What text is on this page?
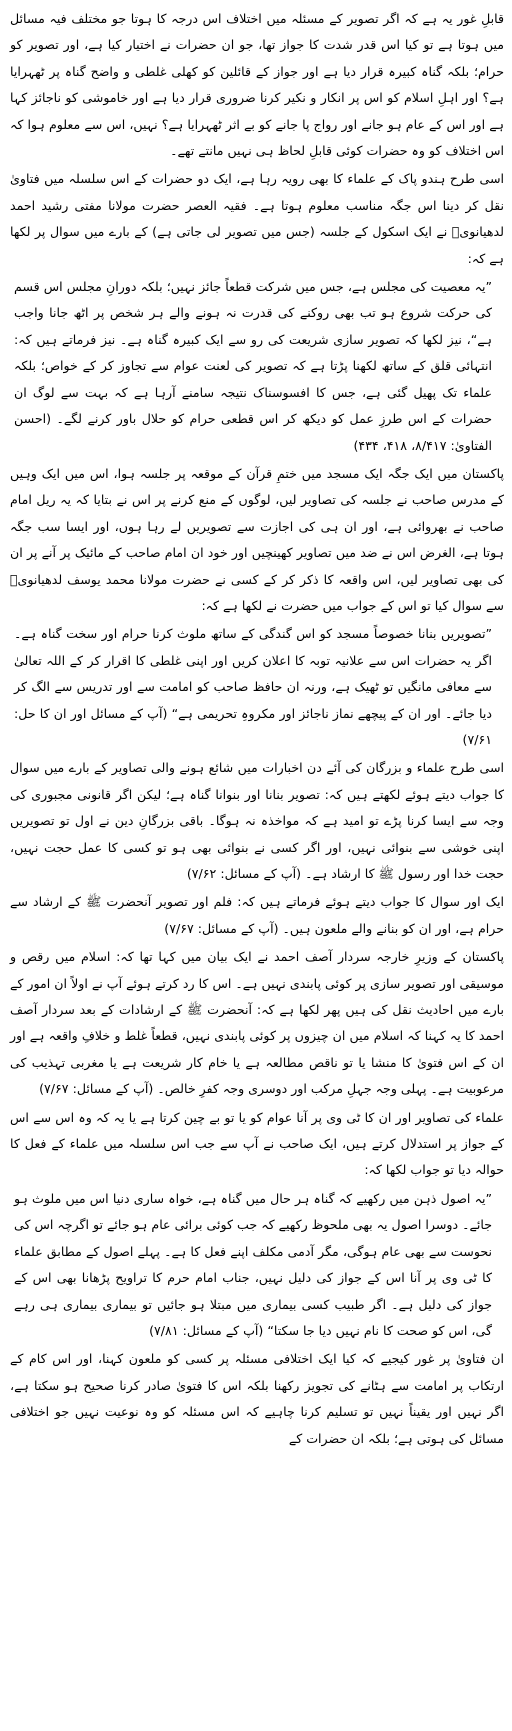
قابلِ غور یہ ہے کہ اگر تصویر کے مسئلہ میں اختلاف اس درجہ کا ہوتا جو مختلف فیہ مسائل میں ہوتا ہے تو کیا اس قدر شدت کا جواز تھا، جو ان حضرات نے اختیار کیا ہے، اور تصویر کو حرام؛ بلکہ گناہ کبیرہ قرار دیا ہے اور جواز کے قائلین کو کھلی غلطی و واضح گناہ پر ٹھہرایا ہے؟ اور اہلِ اسلام کو اس پر انکار و نکیر کرنا ضروری قرار دیا ہے اور خاموشی کو ناجائز کہا ہے اور اس کے عام ہو جانے اور رواج پا جانے کو بے اثر ٹھہرایا ہے؟ نہیں، اس سے معلوم ہوا کہ اس اختلاف کو وہ حضرات کوئی قابلِ لحاظ ہی نہیں مانتے تھے۔

اسی طرح ہندو پاک کے علماء کا بھی رویہ رہا ہے، ایک دو حضرات کے اس سلسلہ میں فتاویٰ نقل کر دینا اس جگہ مناسب معلوم ہوتا ہے۔ فقیہ العصر حضرت مولانا مفتی رشید احمد لدھیانویؒ نے ایک اسکول کے جلسہ (جس میں تصویر لی جاتی ہے) کے بارے میں سوال پر لکھا ہے کہ:

”یہ معصیت کی مجلس ہے، جس میں شرکت قطعاً جائز نہیں؛ بلکہ دورانِ مجلس اس قسم کی حرکت شروع ہو تب بھی روکنے کی قدرت نہ ہونے والے ہر شخص پر اٹھ جانا واجب ہے“، نیز لکھا کہ تصویر سازی شریعت کی رو سے ایک کبیرہ گناہ ہے۔ نیز فرماتے ہیں کہ: انتہائی قلق کے ساتھ لکھنا پڑتا ہے کہ تصویر کی لعنت عوام سے تجاوز کر کے خواص؛ بلکہ علماء تک پھیل گئی ہے، جس کا افسوسناک نتیجہ سامنے آرہا ہے کہ بہت سے لوگ ان حضرات کے اس طرزِ عمل کو دیکھ کر اس قطعی حرام کو حلال باور کرنے لگے۔ (احسن الفتاویٰ: ۸/۴۱۷، ۴۱۸، ۴۳۴)

پاکستان میں ایک جگہ ایک مسجد میں ختمِ قرآن کے موقعہ پر جلسہ ہوا، اس میں ایک وہیں کے مدرس صاحب نے جلسہ کی تصاویر لیں، لوگوں کے منع کرنے پر اس نے بتایا کہ یہ ریل امام صاحب نے بھروائی ہے، اور ان ہی کی اجازت سے تصویریں لے رہا ہوں، اور ایسا سب جگہ ہوتا ہے، الغرض اس نے ضد میں تصاویر کھینچیں اور خود ان امام صاحب کے مائیک پر آنے پر ان کی بھی تصاویر لیں، اس واقعہ کا ذکر کر کے کسی نے حضرت مولانا محمد یوسف لدھیانویؒ سے سوال کیا تو اس کے جواب میں حضرت نے لکھا ہے کہ:

”تصویریں بنانا خصوصاً مسجد کو اس گندگی کے ساتھ ملوث کرنا حرام اور سخت گناہ ہے۔ اگر یہ حضرات اس سے علانیہ توبہ کا اعلان کریں اور اپنی غلطی کا اقرار کر کے اللہ تعالیٰ سے معافی مانگیں تو ٹھیک ہے، ورنہ ان حافظ صاحب کو امامت سے اور تدریس سے الگ کر دیا جائے۔ اور ان کے پیچھے نماز ناجائز اور مکروہِ تحریمی ہے“ (آپ کے مسائل اور ان کا حل: ۷/۶۱)

اسی طرح علماء و بزرگان کی آئے دن اخبارات میں شائع ہونے والی تصاویر کے بارے میں سوال کا جواب دیتے ہوئے لکھتے ہیں کہ: تصویر بنانا اور بنوانا گناہ ہے؛ لیکن اگر قانونی مجبوری کی وجہ سے ایسا کرنا پڑے تو امید ہے کہ مواخذہ نہ ہوگا۔ باقی بزرگانِ دین نے اول تو تصویریں اپنی خوشی سے بنوائی نہیں، اور اگر کسی نے بنوائی بھی ہو تو کسی کا عمل حجت نہیں، حجت خدا اور رسول ﷺ کا ارشاد ہے۔ (آپ کے مسائل: ۷/۶۲)

ایک اور سوال کا جواب دیتے ہوئے فرماتے ہیں کہ: فلم اور تصویر آنحضرت ﷺ کے ارشاد سے حرام ہے، اور ان کو بنانے والے ملعون ہیں۔ (آپ کے مسائل: ۷/۶۷)

پاکستان کے وزیرِ خارجہ سردار آصف احمد نے ایک بیان میں کہا تھا کہ: اسلام میں رقص و موسیقی اور تصویر سازی پر کوئی پابندی نہیں ہے۔ اس کا رد کرتے ہوئے آپ نے اولاً ان امور کے بارے میں احادیث نقل کی ہیں پھر لکھا ہے کہ: آنحضرت ﷺ کے ارشادات کے بعد سردار آصف احمد کا یہ کہنا کہ اسلام میں ان چیزوں پر کوئی پابندی نہیں، قطعاً غلط و خلافِ واقعہ ہے اور ان کے اس فتویٰ کا منشا یا تو ناقص مطالعہ ہے یا خام کار شریعت ہے یا مغربی تہذیب کی مرعوبیت ہے۔ پہلی وجہ جہلِ مرکب اور دوسری وجہ کفرِ خالص۔ (آپ کے مسائل: ۷/۶۷)

علماء کی تصاویر اور ان کا ٹی وی پر آنا عوام کو یا تو بے چین کرتا ہے یا یہ کہ وہ اس سے اس کے جواز پر استدلال کرتے ہیں، ایک صاحب نے آپ سے جب اس سلسلہ میں علماء کے فعل کا حوالہ دیا تو جواب لکھا کہ:

”یہ اصول ذہن میں رکھیے کہ گناہ ہر حال میں گناہ ہے، خواہ ساری دنیا اس میں ملوث ہو جائے۔ دوسرا اصول یہ بھی ملحوظ رکھیے کہ جب کوئی برائی عام ہو جائے تو اگرچہ اس کی نحوست سے بھی عام ہوگی، مگر آدمی مکلف اپنے فعل کا ہے۔ پہلے اصول کے مطابق علماء کا ٹی وی پر آنا اس کے جواز کی دلیل نہیں، جناب امام حرم کا تراویح پڑھانا بھی اس کے جواز کی دلیل ہے۔ اگر طبیب کسی بیماری میں مبتلا ہو جائیں تو بیماری بیماری ہی رہے گی، اس کو صحت کا نام نہیں دیا جا سکتا“ (آپ کے مسائل: ۷/۸۱)

ان فتاویٰ پر غور کیجیے کہ کیا ایک اختلافی مسئلہ پر کسی کو ملعون کہنا، اور اس کام کے ارتکاب پر امامت سے ہٹانے کی تجویز رکھنا بلکہ اس کا فتویٰ صادر کرنا صحیح ہو سکتا ہے، اگر نہیں اور یقیناً نہیں تو تسلیم کرنا چاہیے کہ اس مسئلہ کو وہ نوعیت نہیں جو اختلافی مسائل کی ہوتی ہے؛ بلکہ ان حضرات کے
